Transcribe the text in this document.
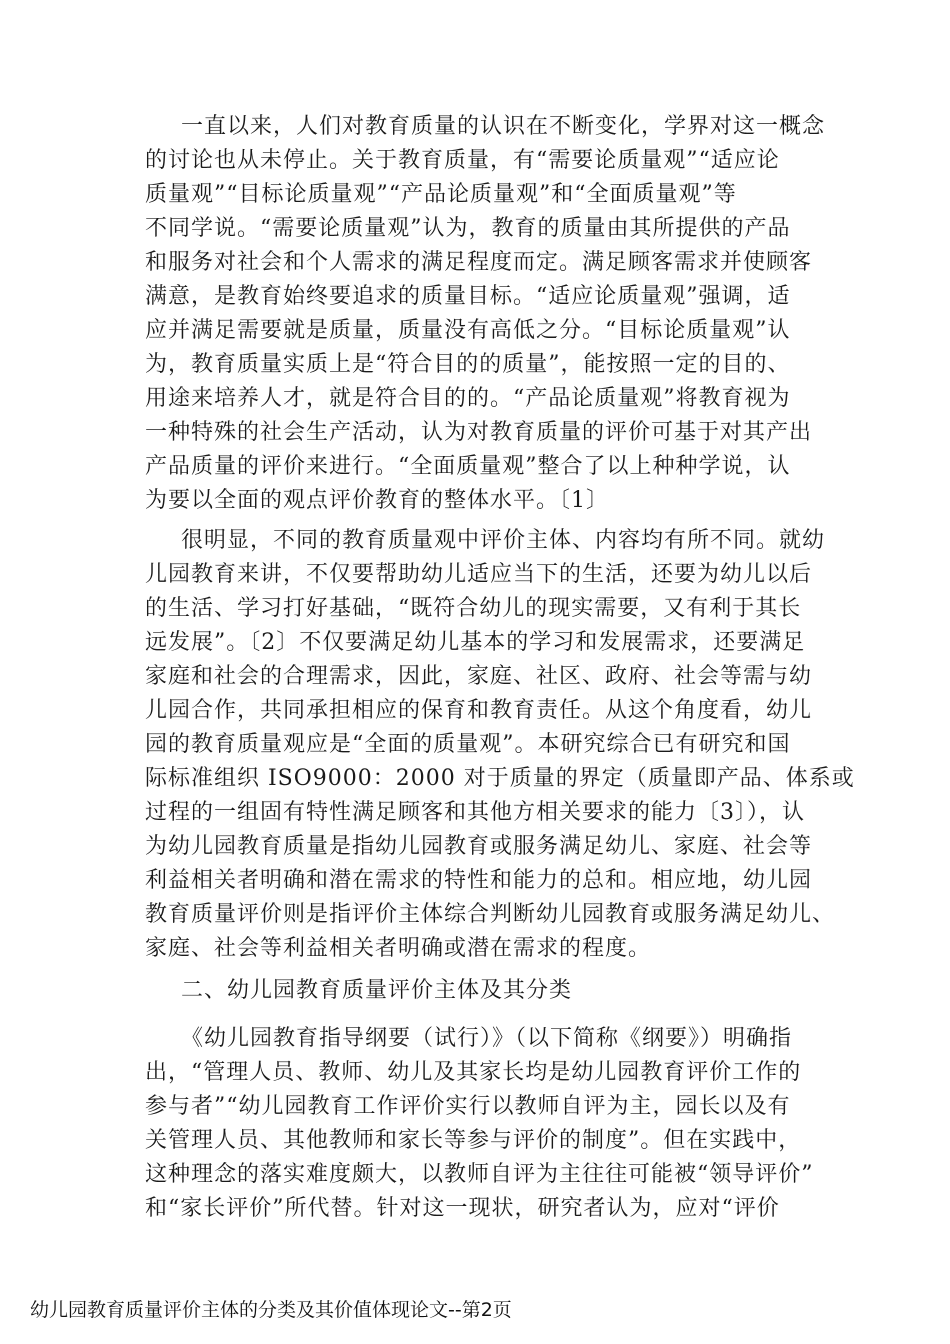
一直以来，人们对教育质量的认识在不断变化，学界对这一概念
的讨论也从未停止。关于教育质量，有“需要论质量观”“适应论
质量观”“目标论质量观”“产品论质量观”和“全面质量观”等
不同学说。“需要论质量观”认为，教育的质量由其所提供的产品
和服务对社会和个人需求的满足程度而定。满足顾客需求并使顾客
满意，是教育始终要追求的质量目标。“适应论质量观”强调，适
应并满足需要就是质量，质量没有高低之分。“目标论质量观”认
为，教育质量实质上是“符合目的的质量”，能按照一定的目的、
用途来培养人才，就是符合目的的。“产品论质量观”将教育视为
一种特殊的社会生产活动，认为对教育质量的评价可基于对其产出
产品质量的评价来进行。“全面质量观”整合了以上种种学说，认
为要以全面的观点评价教育的整体水平。〔1〕
很明显，不同的教育质量观中评价主体、内容均有所不同。就幼
儿园教育来讲，不仅要帮助幼儿适应当下的生活，还要为幼儿以后
的生活、学习打好基础，“既符合幼儿的现实需要，又有利于其长
远发展”。〔2〕不仅要满足幼儿基本的学习和发展需求，还要满足
家庭和社会的合理需求，因此，家庭、社区、政府、社会等需与幼
儿园合作，共同承担相应的保育和教育责任。从这个角度看，幼儿
园的教育质量观应是“全面的质量观”。本研究综合已有研究和国
际标准组织 ISO9000：2000 对于质量的界定（质量即产品、体系或
过程的一组固有特性满足顾客和其他方相关要求的能力〔3〕），认
为幼儿园教育质量是指幼儿园教育或服务满足幼儿、家庭、社会等
利益相关者明确和潜在需求的特性和能力的总和。相应地，幼儿园
教育质量评价则是指评价主体综合判断幼儿园教育或服务满足幼儿、
家庭、社会等利益相关者明确或潜在需求的程度。
二、幼儿园教育质量评价主体及其分类
《幼儿园教育指导纲要（试行）》（以下简称《纲要》）明确指
出，“管理人员、教师、幼儿及其家长均是幼儿园教育评价工作的
参与者”“幼儿园教育工作评价实行以教师自评为主，园长以及有
关管理人员、其他教师和家长等参与评价的制度”。但在实践中，
这种理念的落实难度颇大，以教师自评为主往往可能被“领导评价”
和“家长评价”所代替。针对这一现状，研究者认为，应对“评价
幼儿园教育质量评价主体的分类及其价值体现论文--第2页
